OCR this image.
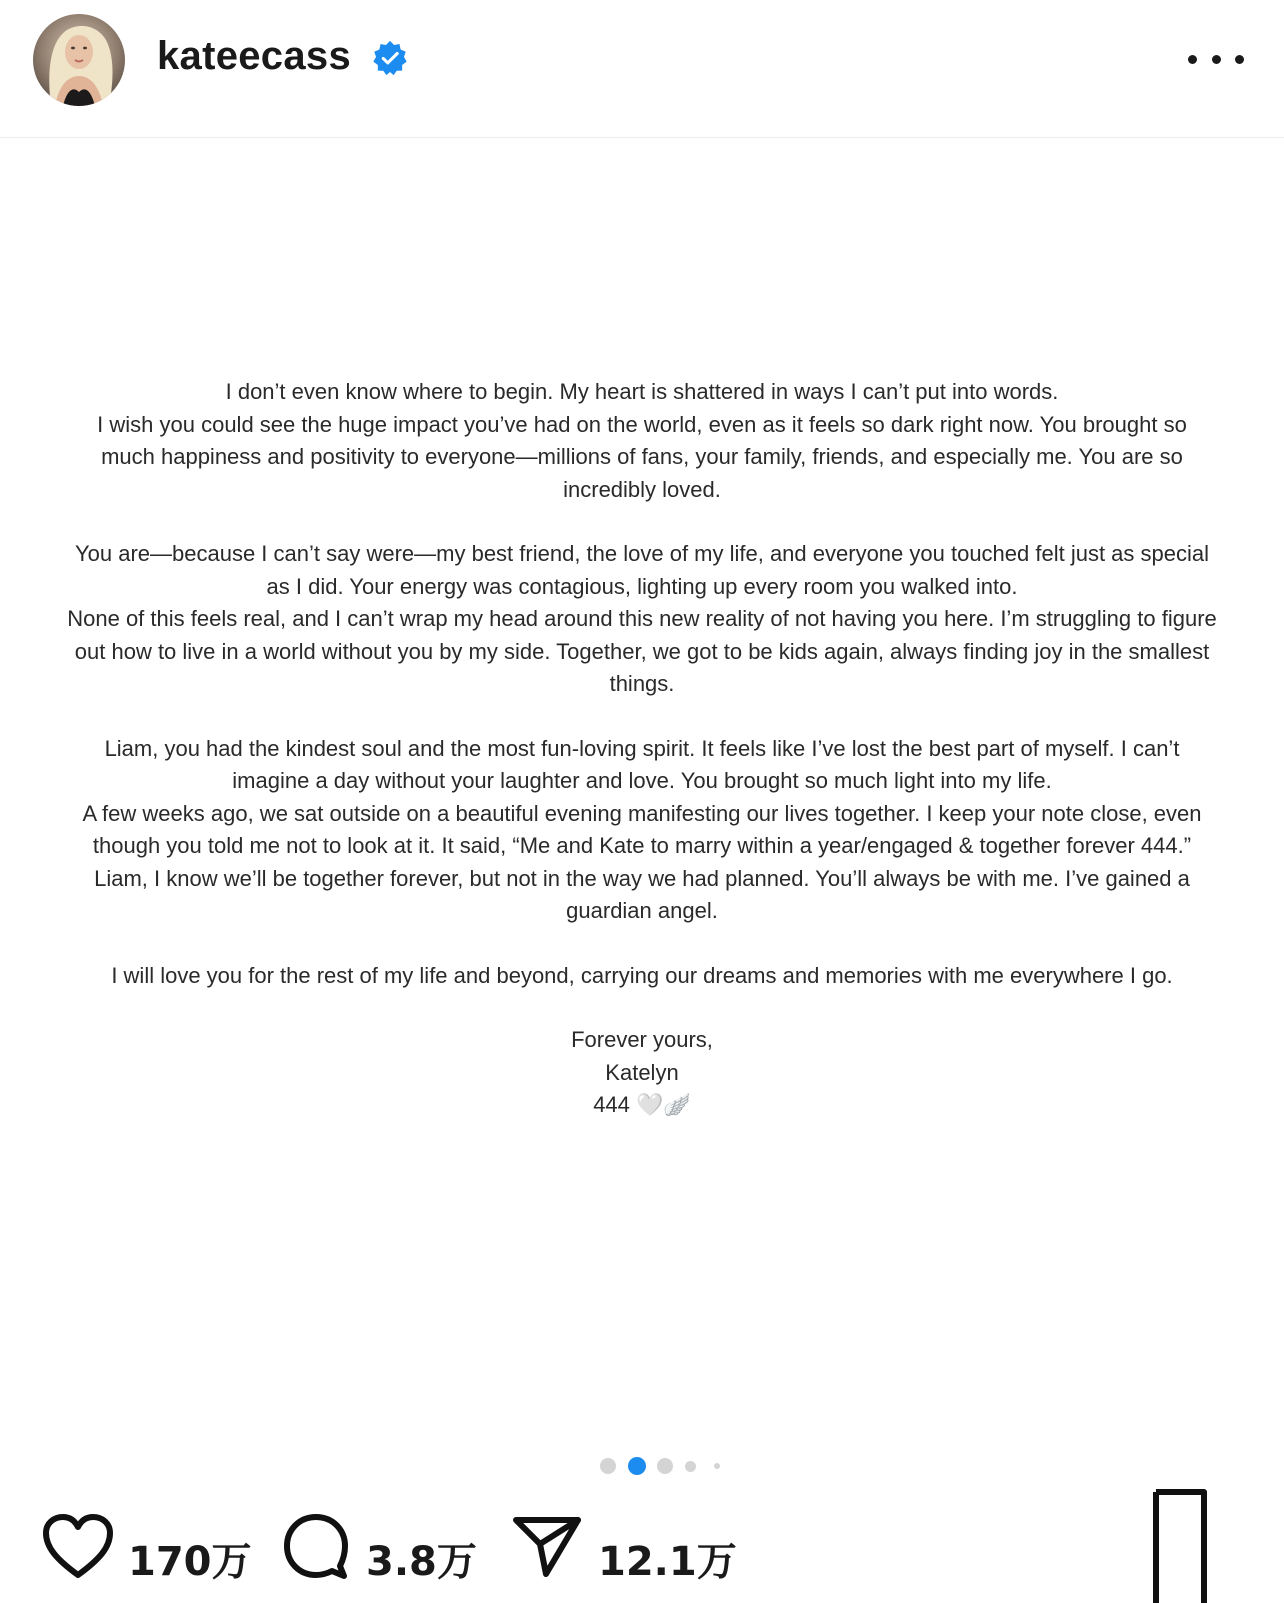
kateecass

I don’t even know where to begin. My heart is shattered in ways I can’t put into words.

I wish you could see the huge impact you’ve had on the world, even as it feels so dark right now. You brought so

much happiness and positivity to everyone—millions of fans, your family, friends, and especially me. You are so

incredibly loved.

You are—because I can’t say were—my best friend, the love of my life, and everyone you touched felt just as special

as I did. Your energy was contagious, lighting up every room you walked into.

None of this feels real, and I can’t wrap my head around this new reality of not having you here. I’m struggling to figure

out how to live in a world without you by my side. Together, we got to be kids again, always finding joy in the smallest

things.

Liam, you had the kindest soul and the most fun-loving spirit. It feels like I’ve lost the best part of myself. I can’t

imagine a day without your laughter and love. You brought so much light into my life.

A few weeks ago, we sat outside on a beautiful evening manifesting our lives together. I keep your note close, even

though you told me not to look at it. It said, “Me and Kate to marry within a year/engaged & together forever 444.”

Liam, I know we’ll be together forever, but not in the way we had planned. You’ll always be with me. I’ve gained a

guardian angel.

I will love you for the rest of my life and beyond, carrying our dreams and memories with me everywhere I go.

Forever yours,

Katelyn

444 🤍🪽

170万	3.8万	12.1万
